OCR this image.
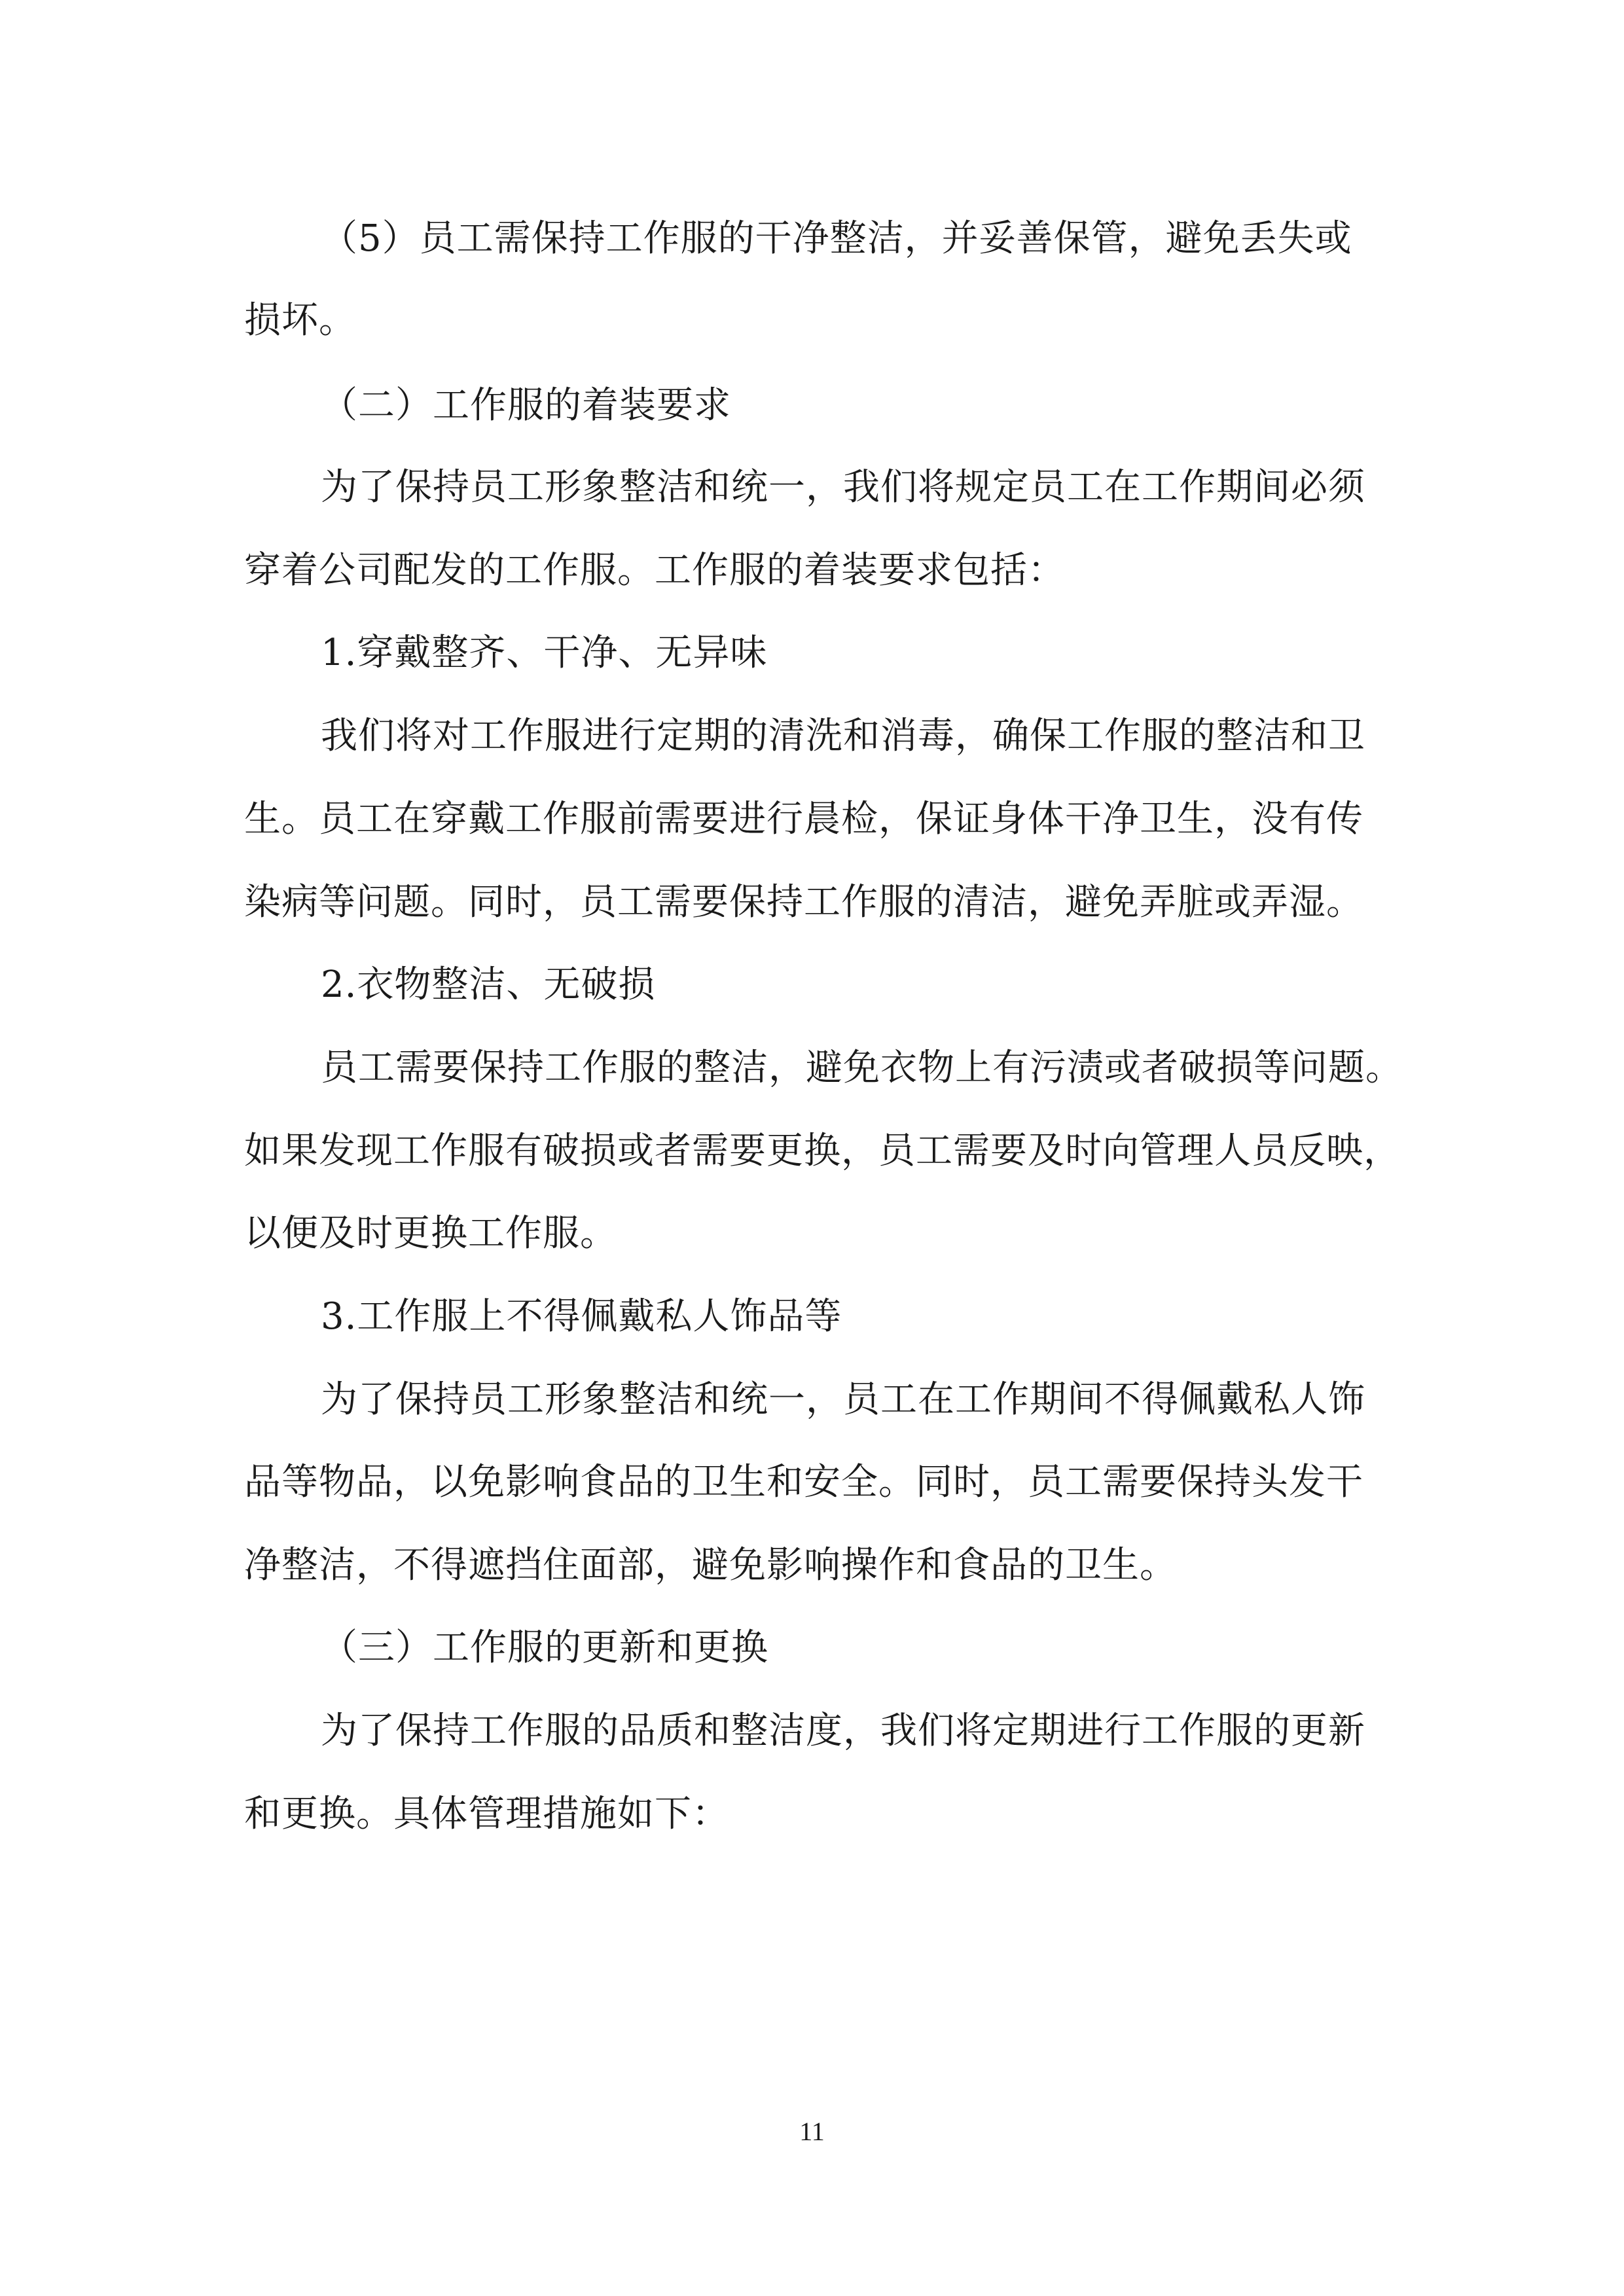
（5）员工需保持工作服的干净整洁，并妥善保管，避免丢失或
损坏。
（二）工作服的着装要求
为了保持员工形象整洁和统一，我们将规定员工在工作期间必须
穿着公司配发的工作服。工作服的着装要求包括：
1.穿戴整齐、干净、无异味
我们将对工作服进行定期的清洗和消毒，确保工作服的整洁和卫
生。员工在穿戴工作服前需要进行晨检，保证身体干净卫生，没有传
染病等问题。同时，员工需要保持工作服的清洁，避免弄脏或弄湿。
2.衣物整洁、无破损
员工需要保持工作服的整洁，避免衣物上有污渍或者破损等问题。
如果发现工作服有破损或者需要更换，员工需要及时向管理人员反映，
以便及时更换工作服。
3.工作服上不得佩戴私人饰品等
为了保持员工形象整洁和统一，员工在工作期间不得佩戴私人饰
品等物品，以免影响食品的卫生和安全。同时，员工需要保持头发干
净整洁，不得遮挡住面部，避免影响操作和食品的卫生。
（三）工作服的更新和更换
为了保持工作服的品质和整洁度，我们将定期进行工作服的更新
和更换。具体管理措施如下：
11
